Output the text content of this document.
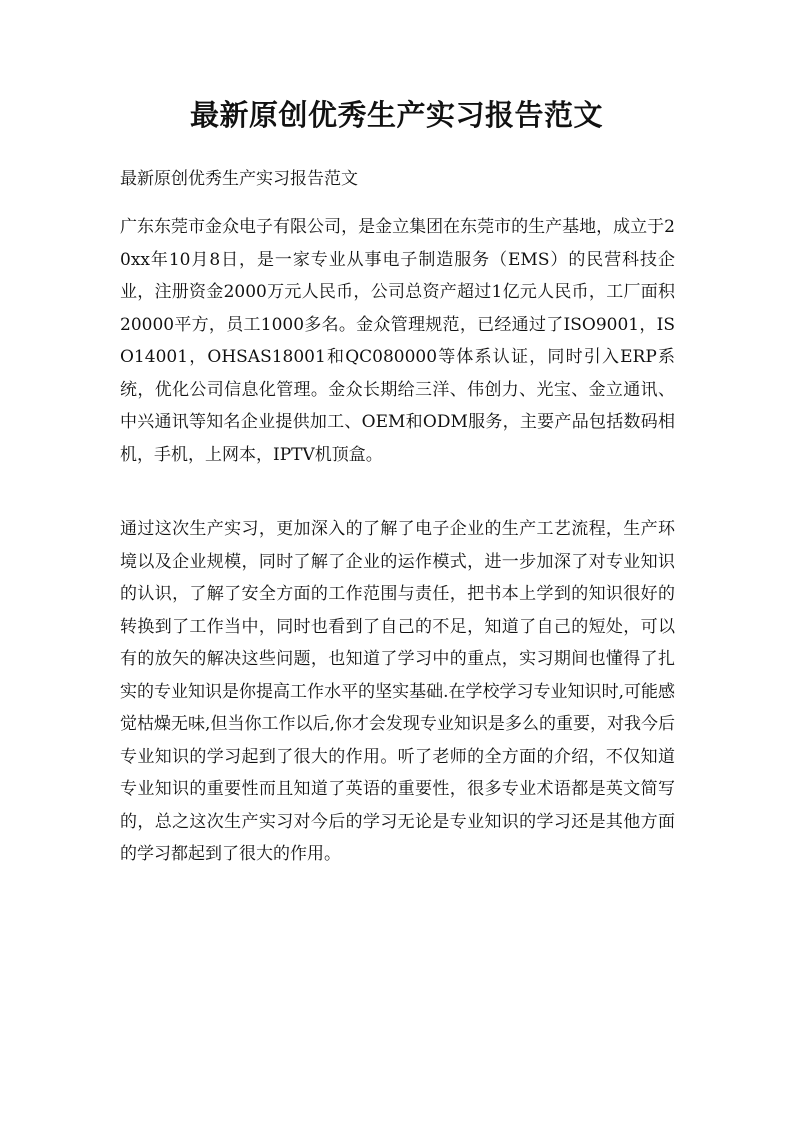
最新原创优秀生产实习报告范文

最新原创优秀生产实习报告范文

广东东莞市金众电子有限公司，是金立集团在东莞市的生产基地，成立于20xx年10月8日，是一家专业从事电子制造服务（EMS）的民营科技企业，注册资金2000万元人民币，公司总资产超过1亿元人民币，工厂面积20000平方，员工1000多名。金众管理规范，已经通过了ISO9001，ISO14001，OHSAS18001和QC080000等体系认证，同时引入ERP系统，优化公司信息化管理。金众长期给三洋、伟创力、光宝、金立通讯、中兴通讯等知名企业提供加工、OEM和ODM服务，主要产品包括数码相机，手机，上网本，IPTV机顶盒。

通过这次生产实习，更加深入的了解了电子企业的生产工艺流程，生产环境以及企业规模，同时了解了企业的运作模式，进一步加深了对专业知识的认识，了解了安全方面的工作范围与责任，把书本上学到的知识很好的转换到了工作当中，同时也看到了自己的不足，知道了自己的短处，可以有的放矢的解决这些问题，也知道了学习中的重点，实习期间也懂得了扎实的专业知识是你提高工作水平的坚实基础.在学校学习专业知识时,可能感觉枯燥无味,但当你工作以后,你才会发现专业知识是多么的重要，对我今后专业知识的学习起到了很大的作用。听了老师的全方面的介绍，不仅知道专业知识的重要性而且知道了英语的重要性，很多专业术语都是英文简写的，总之这次生产实习对今后的学习无论是专业知识的学习还是其他方面的学习都起到了很大的作用。
